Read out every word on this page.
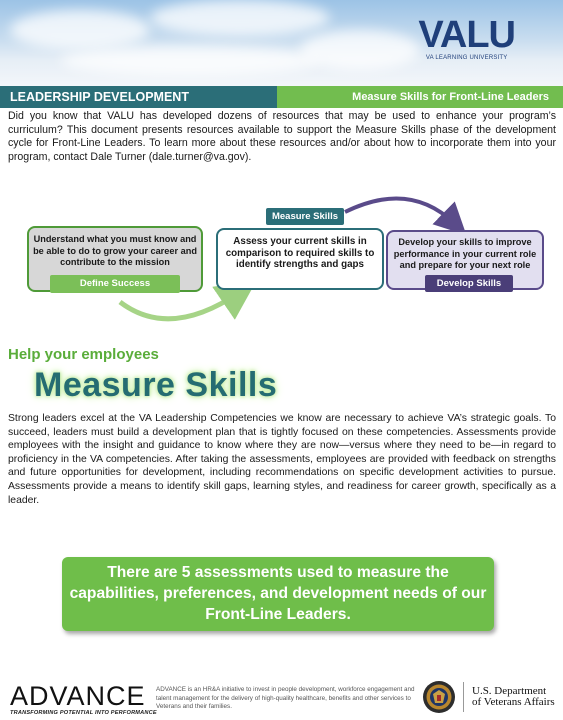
VALU
VA LEARNING UNIVERSITY
LEADERSHIP DEVELOPMENT	Measure Skills for Front-Line Leaders

Did you know that VALU has developed dozens of resources that may be used to enhance your program’s curriculum? This document presents resources available to support the Measure Skills phase of the development cycle for Front-Line Leaders. To learn more about these resources and/or about how to incorporate them into your program, contact Dale Turner (dale.turner@va.gov).

Understand what you must know and be able to do to grow your career and contribute to the mission
Define Success
Assess your current skills in comparison to required skills to identify strengths and gaps
Measure Skills
Develop your skills to improve performance in your current role and prepare for your next role
Develop Skills
Help your employees
Measure Skills

Strong leaders excel at the VA Leadership Competencies we know are necessary to achieve VA’s strategic goals. To succeed, leaders must build a development plan that is tightly focused on these competencies. Assessments provide employees with the insight and guidance to know where they are now—versus where they need to be—in regard to proficiency in the VA competencies. After taking the assessments, employees are provided with feedback on strengths and future opportunities for development, including recommendations on specific development activities to pursue. Assessments provide a means to identify skill gaps, learning styles, and readiness for career growth, specifically as a leader.

There are 5 assessments used to measure the capabilities, preferences, and development needs of our Front-Line Leaders.
ADVANCE
TRANSFORMING POTENTIAL INTO PERFORMANCE
ADVANCE is an HR&A initiative to invest in people development, workforce engagement and talent management for the delivery of high-quality healthcare, benefits and other services to Veterans and their families.
U.S. Department
of Veterans Affairs
